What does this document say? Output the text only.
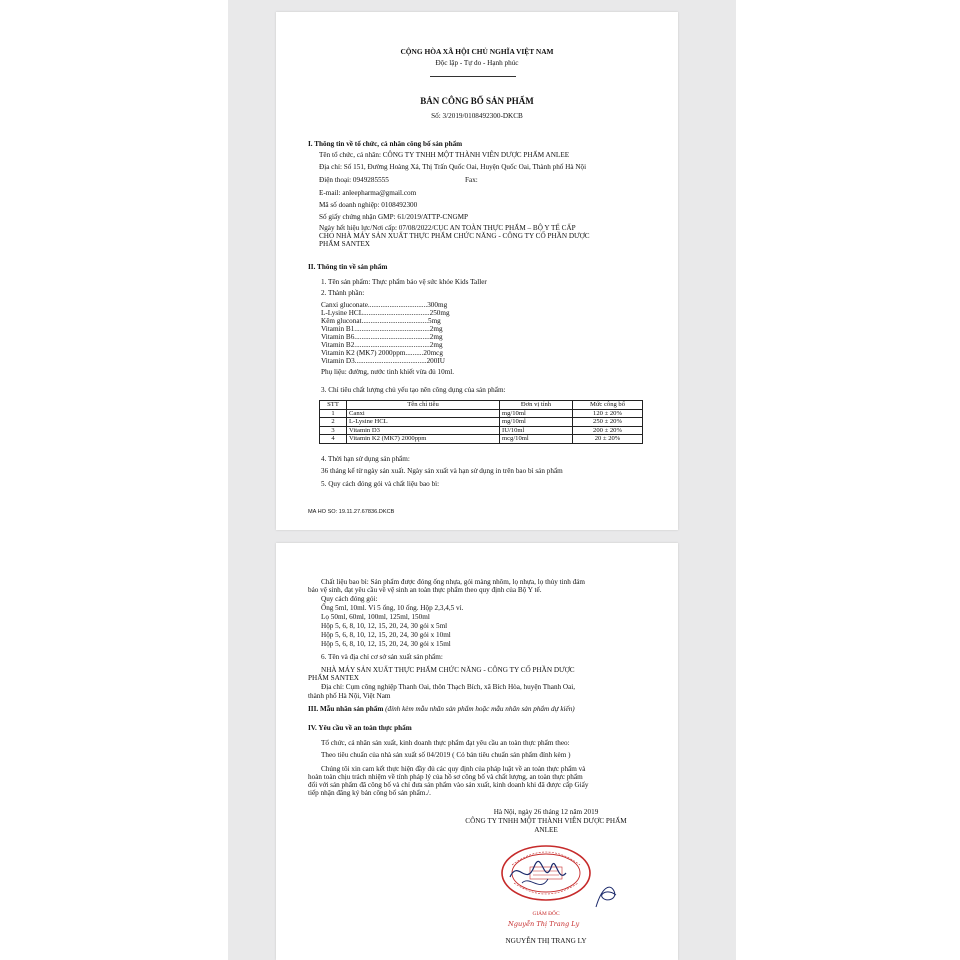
CỘNG HÒA XÃ HỘI CHỦ NGHĨA VIỆT NAM
Độc lập - Tự do - Hạnh phúc
BẢN CÔNG BỐ SẢN PHẨM
Số: 3/2019/0108492300-DKCB
I. Thông tin về tổ chức, cá nhân công bố sản phẩm
Tên tổ chức, cá nhân: CÔNG TY TNHH MỘT THÀNH VIÊN DƯỢC PHẨM ANLEE
Địa chỉ: Số 151, Đường Hoàng Xá, Thị Trấn Quốc Oai, Huyện Quốc Oai, Thành phố Hà Nội
Điện thoại: 0949285555	Fax:
E-mail: anleepharma@gmail.com
Mã số doanh nghiệp: 0108492300
Số giấy chứng nhận GMP: 61/2019/ATTP-CNGMP
Ngày hết hiệu lực/Nơi cấp: 07/08/2022/CỤC AN TOÀN THỰC PHẨM – BỘ Y TẾ CẤP
CHO NHÀ MÁY SẢN XUẤT THỰC PHẨM CHỨC NĂNG - CÔNG TY CỔ PHẦN DƯỢC
PHẨM SANTEX
II. Thông tin về sản phẩm
1. Tên sản phẩm: Thực phẩm bảo vệ sức khỏe Kids Taller
2. Thành phần:
Canxi gluconate.................................300mg
L-Lysine HCL.....................................250mg
Kẽm gluconat.....................................5mg
Vitamin B1..........................................2mg
Vitamin B6..........................................2mg
Vitamin B2..........................................2mg
Vitamin K2 (MK7) 2000ppm..........20mcg
Vitamin D3........................................200IU
Phụ liệu: đường, nước tinh khiết vừa đủ 10ml.
3. Chỉ tiêu chất lượng chủ yếu tạo nên công dụng của sản phẩm:
STT	Tên chỉ tiêu	Đơn vị tính	Mức công bố
1	Canxi	mg/10ml	120 ± 20%
2	L-Lysine HCL	mg/10ml	250 ± 20%
3	Vitamin D3	IU/10ml	200 ± 20%
4	Vitamin K2 (MK7) 2000ppm	mcg/10ml	20 ± 20%
4. Thời hạn sử dụng sản phẩm:
36 tháng kể từ ngày sản xuất. Ngày sản xuất và hạn sử dụng in trên bao bì sản phẩm
5. Quy cách đóng gói và chất liệu bao bì:
MA HO SO: 19.11.27.67836.DKCB
Chất liệu bao bì: Sản phẩm được đóng ống nhựa, gói màng nhôm, lọ nhựa, lọ thủy tinh đảm
bảo vệ sinh, đạt yêu cầu về vệ sinh an toàn thực phẩm theo quy định của Bộ Y tế.
Quy cách đóng gói:
Ống 5ml, 10ml. Vỉ 5 ống, 10 ống. Hộp 2,3,4,5 vỉ.
Lọ 50ml, 60ml, 100ml, 125ml, 150ml
Hộp 5, 6, 8, 10, 12, 15, 20, 24, 30 gói x 5ml
Hộp 5, 6, 8, 10, 12, 15, 20, 24, 30 gói x 10ml
Hộp 5, 6, 8, 10, 12, 15, 20, 24, 30 gói x 15ml
6. Tên và địa chỉ cơ sở sản xuất sản phẩm:
NHÀ MÁY SẢN XUẤT THỰC PHẨM CHỨC NĂNG - CÔNG TY CỔ PHẦN DƯỢC
PHẨM SANTEX
Địa chỉ: Cụm công nghiệp Thanh Oai, thôn Thạch Bích, xã Bích Hòa, huyện Thanh Oai,
thành phố Hà Nội, Việt Nam
III. Mẫu nhãn sản phẩm (đính kèm mẫu nhãn sản phẩm hoặc mẫu nhãn sản phẩm dự kiến)
IV. Yêu cầu về an toàn thực phẩm
Tổ chức, cá nhân sản xuất, kinh doanh thực phẩm đạt yêu cầu an toàn thực phẩm theo:
Theo tiêu chuẩn của nhà sản xuất số 04/2019 ( Có bản tiêu chuẩn sản phẩm đính kèm )
Chúng tôi xin cam kết thực hiện đầy đủ các quy định của pháp luật về an toàn thực phẩm và
hoàn toàn chịu trách nhiệm về tính pháp lý của hồ sơ công bố và chất lượng, an toàn thực phẩm
đối với sản phẩm đã công bố và chỉ đưa sản phẩm vào sản xuất, kinh doanh khi đã được cấp Giấy
tiếp nhận đăng ký bản công bố sản phẩm./.
Hà Nội, ngày 26 tháng 12 năm 2019
CÔNG TY TNHH MỘT THÀNH VIÊN DƯỢC PHẨM
ANLEE
GIÁM ĐỐC
Nguyễn Thị Trang Ly
NGUYỄN THỊ TRANG LY
